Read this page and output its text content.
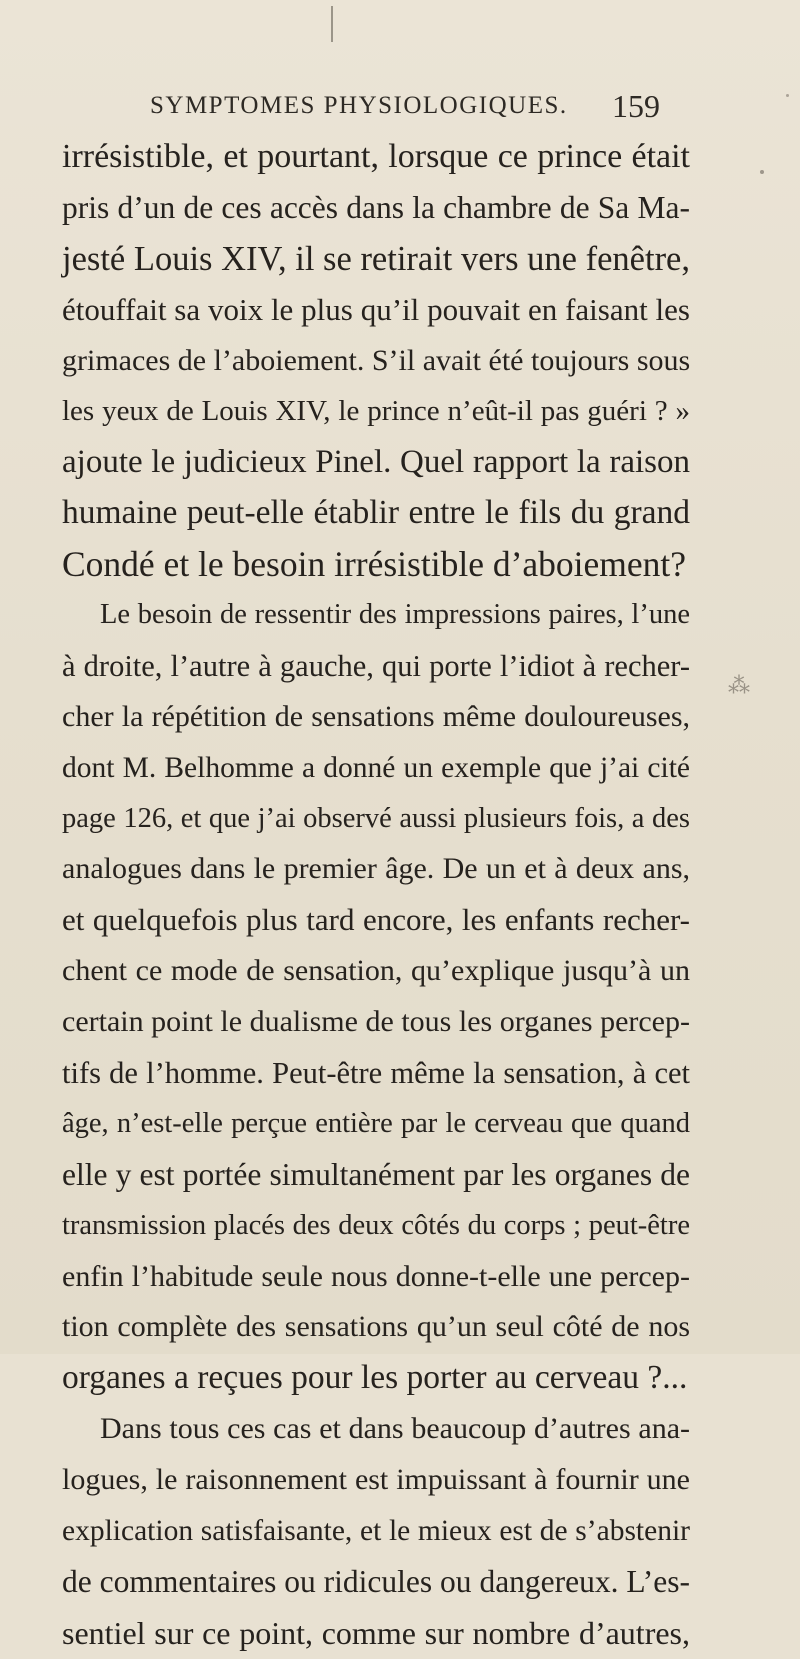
⁂
SYMPTOMES PHYSIOLOGIQUES. 159
irrésistible, et pourtant, lorsque ce prince était
pris d’un de ces accès dans la chambre de Sa Ma-
jesté Louis XIV, il se retirait vers une fenêtre,
étouffait sa voix le plus qu’il pouvait en faisant les
grimaces de l’aboiement. S’il avait été toujours sous
les yeux de Louis XIV, le prince n’eût-il pas guéri ? »
ajoute le judicieux Pinel. Quel rapport la raison
humaine peut-elle établir entre le fils du grand
Condé et le besoin irrésistible d’aboiement?
Le besoin de ressentir des impressions paires, l’une
à droite, l’autre à gauche, qui porte l’idiot à recher-
cher la répétition de sensations même douloureuses,
dont M. Belhomme a donné un exemple que j’ai cité
page 126, et que j’ai observé aussi plusieurs fois, a des
analogues dans le premier âge. De un et à deux ans,
et quelquefois plus tard encore, les enfants recher-
chent ce mode de sensation, qu’explique jusqu’à un
certain point le dualisme de tous les organes percep-
tifs de l’homme. Peut-être même la sensation, à cet
âge, n’est-elle perçue entière par le cerveau que quand
elle y est portée simultanément par les organes de
transmission placés des deux côtés du corps ; peut-être
enfin l’habitude seule nous donne-t-elle une percep-
tion complète des sensations qu’un seul côté de nos
organes a reçues pour les porter au cerveau ?...
Dans tous ces cas et dans beaucoup d’autres ana-
logues, le raisonnement est impuissant à fournir une
explication satisfaisante, et le mieux est de s’abstenir
de commentaires ou ridicules ou dangereux. L’es-
sentiel sur ce point, comme sur nombre d’autres,
